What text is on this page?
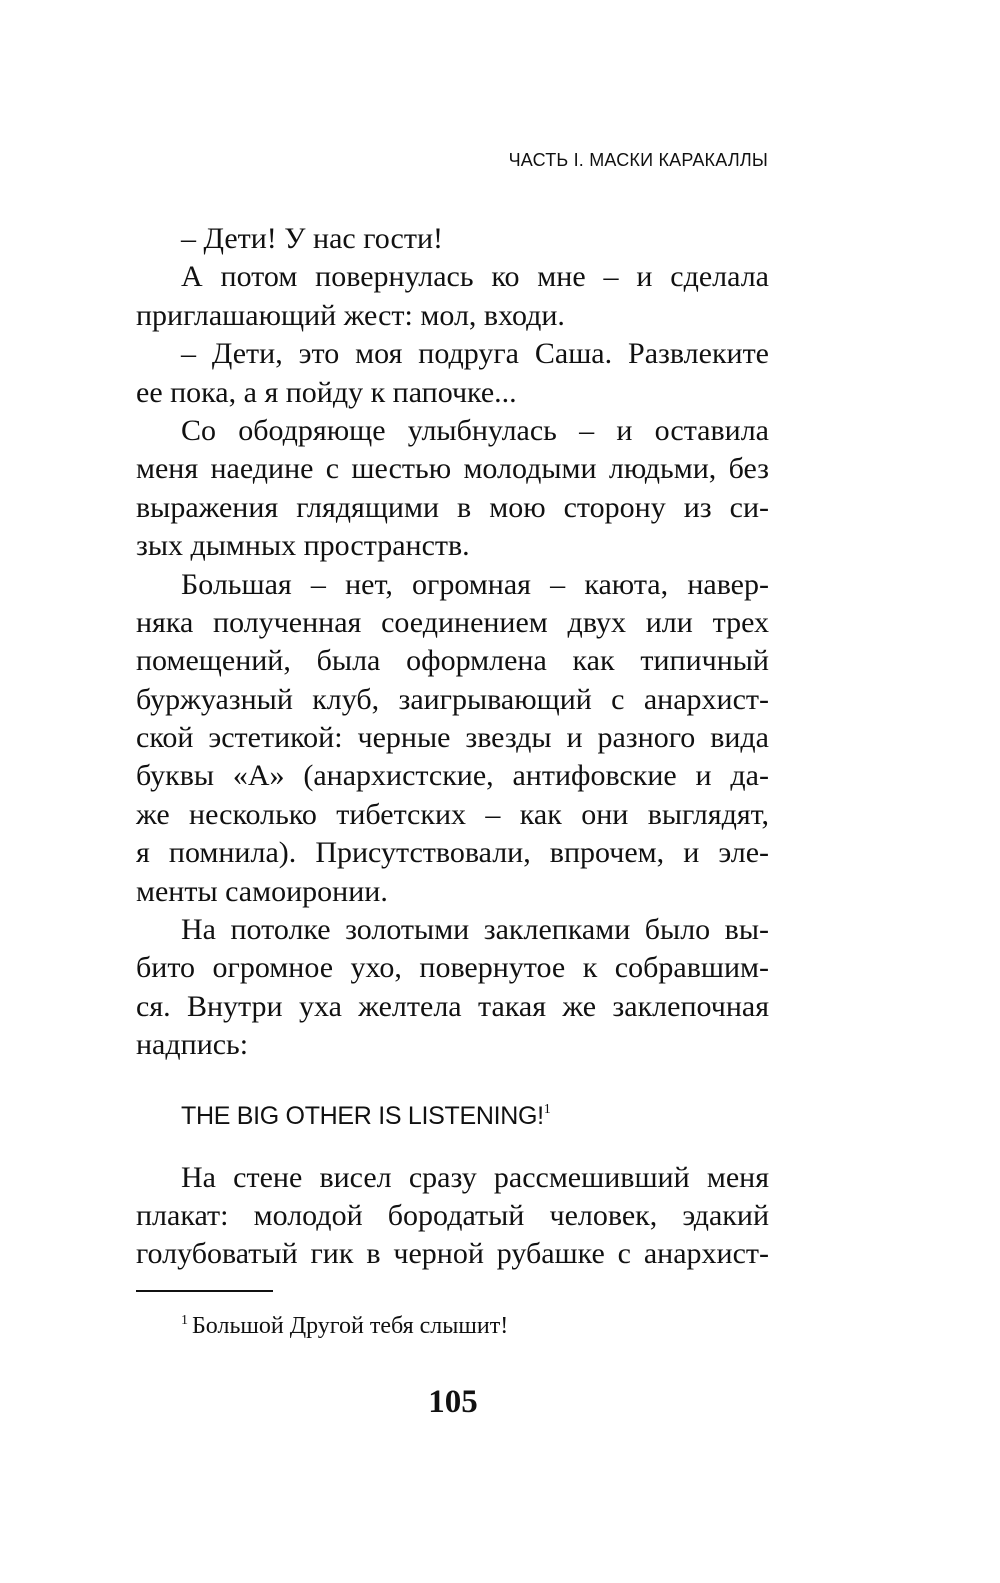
ЧАСТЬ I. МАСКИ КАРАКАЛЛЫ
– Дети! У нас гости!
А потом повернулась ко мне – и сделала
приглашающий жест: мол, входи.
– Дети, это моя подруга Саша. Развлеките
ее пока, а я пойду к папочке...
Со ободряюще улыбнулась – и оставила
меня наедине с шестью молодыми людьми, без
выражения глядящими в мою сторону из си-
зых дымных пространств.
Большая – нет, огромная – каюта, навер-
няка полученная соединением двух или трех
помещений, была оформлена как типичный
буржуазный клуб, заигрывающий с анархист-
ской эстетикой: черные звезды и разного вида
буквы «А» (анархистские, антифовские и да-
же несколько тибетских – как они выглядят,
я помнила). Присутствовали, впрочем, и эле-
менты самоиронии.
На потолке золотыми заклепками было вы-
бито огромное ухо, повернутое к собравшим-
ся. Внутри уха желтела такая же заклепочная
надпись:
THE BIG OTHER IS LISTENING!$^1$
На стене висел сразу рассмешивший меня
плакат: молодой бородатый человек, эдакий
голубоватый гик в черной рубашке с анархист-
$^1$ Большой Другой тебя слышит!
105
